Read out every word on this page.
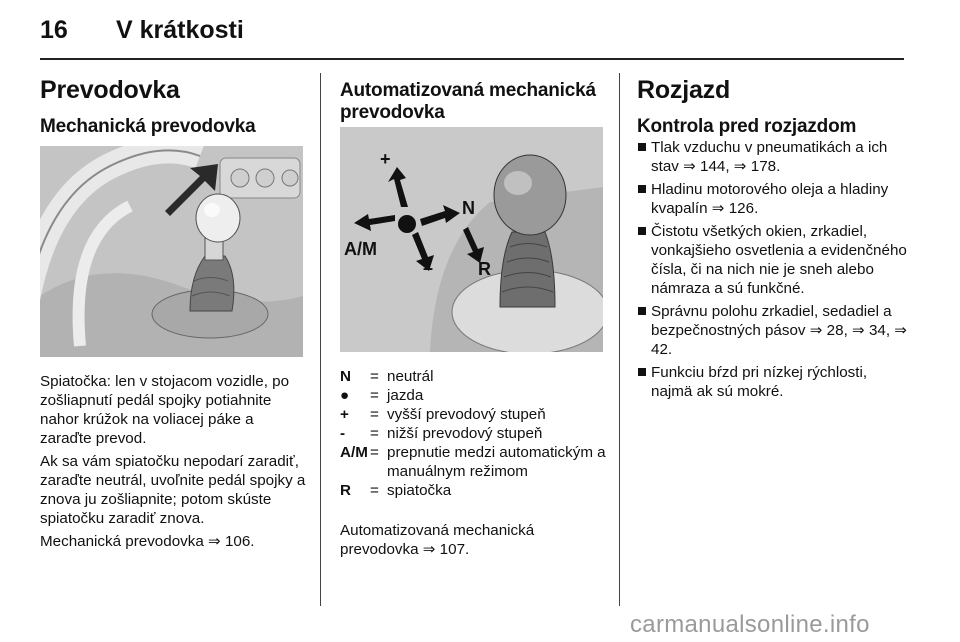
16 V krátkosti
Prevodovka
Mechanická prevodovka

Spiatočka: len v stojacom vozidle, po zošliapnutí pedál spojky potiahnite nahor krúžok na voliacej páke a zaraďte prevod.

Ak sa vám spiatočku nepodarí zaradiť, zaraďte neutrál, uvoľnite pedál spojky a znova ju zošliapnite; potom skúste spiatočku zaradiť znova.

Mechanická prevodovka ⇒ 106.

Automatizovaná mechanická
prevodovka
+
–
N
R
A/M
N	= neutrál
●	= jazda
+	= vyšší prevodový stupeň
-	= nižší prevodový stupeň
A/M = prepnutie medzi automatickým a manuálnym režimom
R	= spiatočka
Automatizovaná mechanická prevodovka ⇒ 107.
Rozjazd
Kontrola pred rozjazdom
Tlak vzduchu v pneumatikách a ich stav ⇒ 144, ⇒ 178.
Hladinu motorového oleja a hladiny kvapalín ⇒ 126.
Čistotu všetkých okien, zrkadiel, vonkajšieho osvetlenia a evidenčného čísla, či na nich nie je sneh alebo námraza a sú funkčné.
Správnu polohu zrkadiel, sedadiel a bezpečnostných pásov ⇒ 28, ⇒ 34, ⇒ 42.
Funkciu bŕzd pri nízkej rýchlosti, najmä ak sú mokré.
carmanualsonline.info
